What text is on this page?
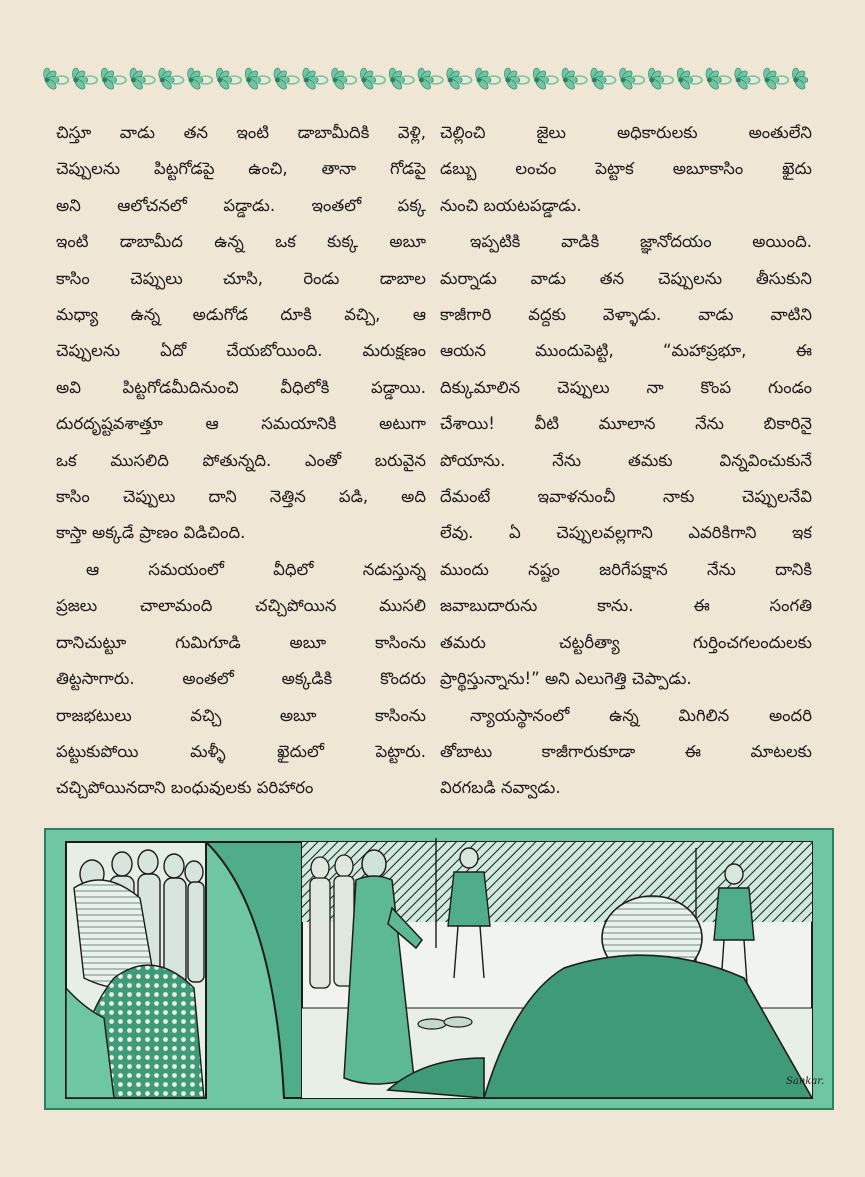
చిస్తూ వాడు తన ఇంటి డాబామీదికి వెళ్లి,
చెప్పులను పిట్టగోడపై ఉంచి, తానా గోడపై
అని ఆలోచనలో పడ్డాడు. ఇంతలో పక్క
ఇంటి డాబామీద ఉన్న ఒక కుక్క అబూ
కాసిం చెప్పులు చూసి, రెండు డాబాల
మధ్యా ఉన్న అడుగోడ దూకి వచ్చి, ఆ
చెప్పులను ఏదో చేయబోయింది. మరుక్షణం
అవి పిట్టగోడమీదినుంచి వీధిలోకి పడ్డాయి.
దురదృష్టవశాత్తూ ఆ సమయానికి అటుగా
ఒక ముసలిది పోతున్నది. ఎంతో బరువైన
కాసిం చెప్పులు దాని నెత్తిన పడి, అది
కాస్తా అక్కడే ప్రాణం విడిచింది.
ఆ సమయంలో వీధిలో నడుస్తున్న
ప్రజలు చాలామంది చచ్చిపోయిన ముసలి
దానిచుట్టూ గుమిగూడి అబూ కాసింను
తిట్టసాగారు. అంతలో అక్కడికి కొందరు
రాజభటులు వచ్చి అబూ కాసింను
పట్టుకుపోయి మళ్ళీ ఖైదులో పెట్టారు.
చచ్చిపోయినదాని బంధువులకు పరిహారం
చెల్లించి జైలు అధికారులకు అంతులేని
డబ్బు లంచం పెట్టాక అబూకాసిం ఖైదు
నుంచి బయటపడ్డాడు.
ఇప్పటికి వాడికి జ్ఞానోదయం అయింది.
మర్నాడు వాడు తన చెప్పులను తీసుకుని
కాజీగారి వద్దకు వెళ్ళాడు. వాడు వాటిని
ఆయన ముందుపెట్టి, “మహాప్రభూ, ఈ
దిక్కుమాలిన చెప్పులు నా కొంప గుండం
చేశాయి! వీటి మూలాన నేను బికారినై
పోయాను. నేను తమకు విన్నవించుకునే
దేమంటే ఇవాళనుంచీ నాకు చెప్పులనేవి
లేవు. ఏ చెప్పులవల్లగాని ఎవరికిగాని ఇక
ముందు నష్టం జరిగేపక్షాన నేను దానికి
జవాబుదారును కాను. ఈ సంగతి
తమరు చట్టరీత్యా గుర్తించగలందులకు
ప్రార్థిస్తున్నాను!” అని ఎలుగెత్తి చెప్పాడు.
న్యాయస్థానంలో ఉన్న మిగిలిన అందరి
తోబాటు కాజీగారుకూడా ఈ మాటలకు
విరగబడి నవ్వాడు.
Sankar.
